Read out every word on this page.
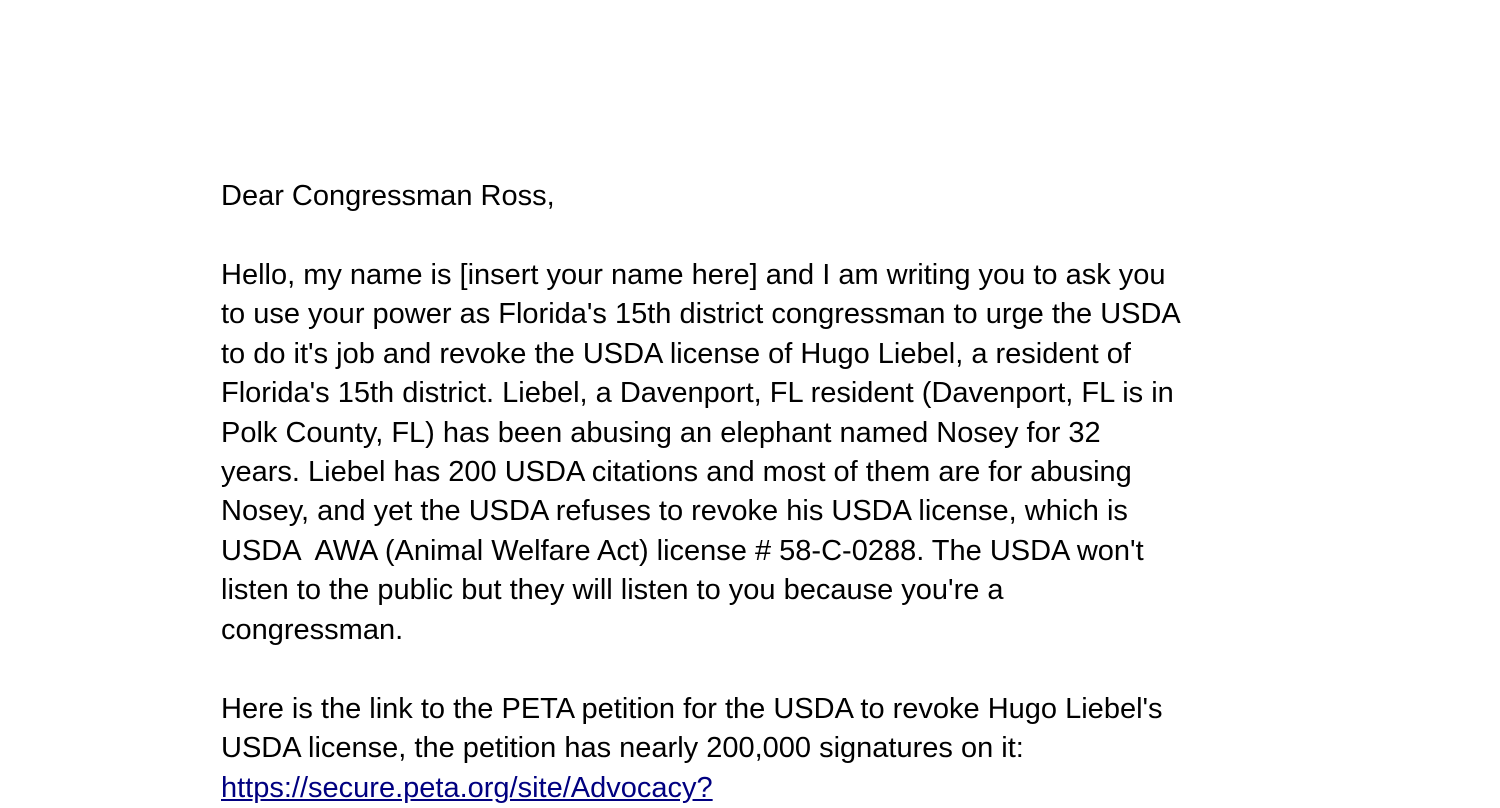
Dear Congressman Ross,
Hello, my name is [insert your name here] and I am writing you to ask you
to use your power as Florida's 15th district congressman to urge the USDA
to do it's job and revoke the USDA license of Hugo Liebel, a resident of
Florida's 15th district. Liebel, a Davenport, FL resident (Davenport, FL is in
Polk County, FL) has been abusing an elephant named Nosey for 32
years. Liebel has 200 USDA citations and most of them are for abusing
Nosey, and yet the USDA refuses to revoke his USDA license, which is
USDA  AWA (Animal Welfare Act) license # 58-C-0288. The USDA won't
listen to the public but they will listen to you because you're a
congressman.
Here is the link to the PETA petition for the USDA to revoke Hugo Liebel's
USDA license, the petition has nearly 200,000 signatures on it:
https://secure.peta.org/site/Advocacy?
